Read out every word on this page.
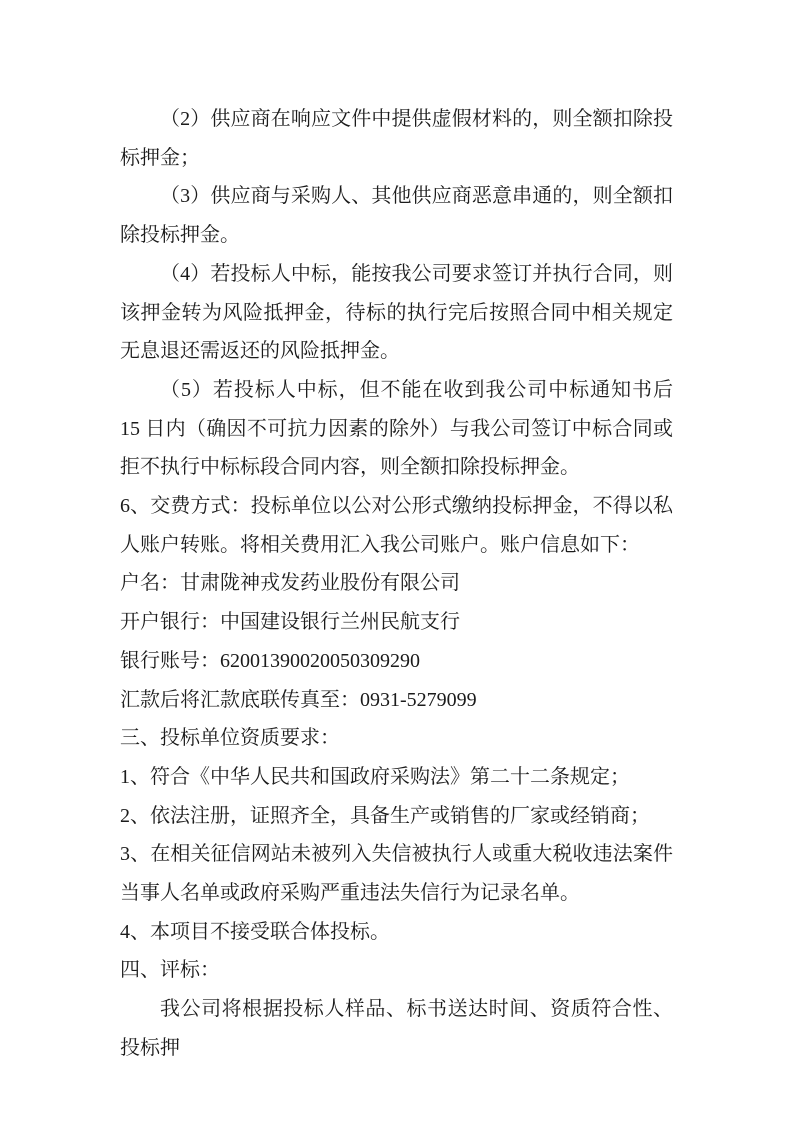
（2）供应商在响应文件中提供虚假材料的，则全额扣除投标押金；

（3）供应商与采购人、其他供应商恶意串通的，则全额扣除投标押金。

（4）若投标人中标，能按我公司要求签订并执行合同，则该押金转为风险抵押金，待标的执行完后按照合同中相关规定无息退还需返还的风险抵押金。

（5）若投标人中标，但不能在收到我公司中标通知书后 15 日内（确因不可抗力因素的除外）与我公司签订中标合同或拒不执行中标标段合同内容，则全额扣除投标押金。

6、交费方式：投标单位以公对公形式缴纳投标押金，不得以私人账户转账。将相关费用汇入我公司账户。账户信息如下：

户名：甘肃陇神戎发药业股份有限公司

开户银行：中国建设银行兰州民航支行

银行账号：62001390020050309290

汇款后将汇款底联传真至：0931-5279099

三、投标单位资质要求：

1、符合《中华人民共和国政府采购法》第二十二条规定；

2、依法注册，证照齐全，具备生产或销售的厂家或经销商；

3、在相关征信网站未被列入失信被执行人或重大税收违法案件当事人名单或政府采购严重违法失信行为记录名单。

4、本项目不接受联合体投标。

四、评标：

我公司将根据投标人样品、标书送达时间、资质符合性、投标押
